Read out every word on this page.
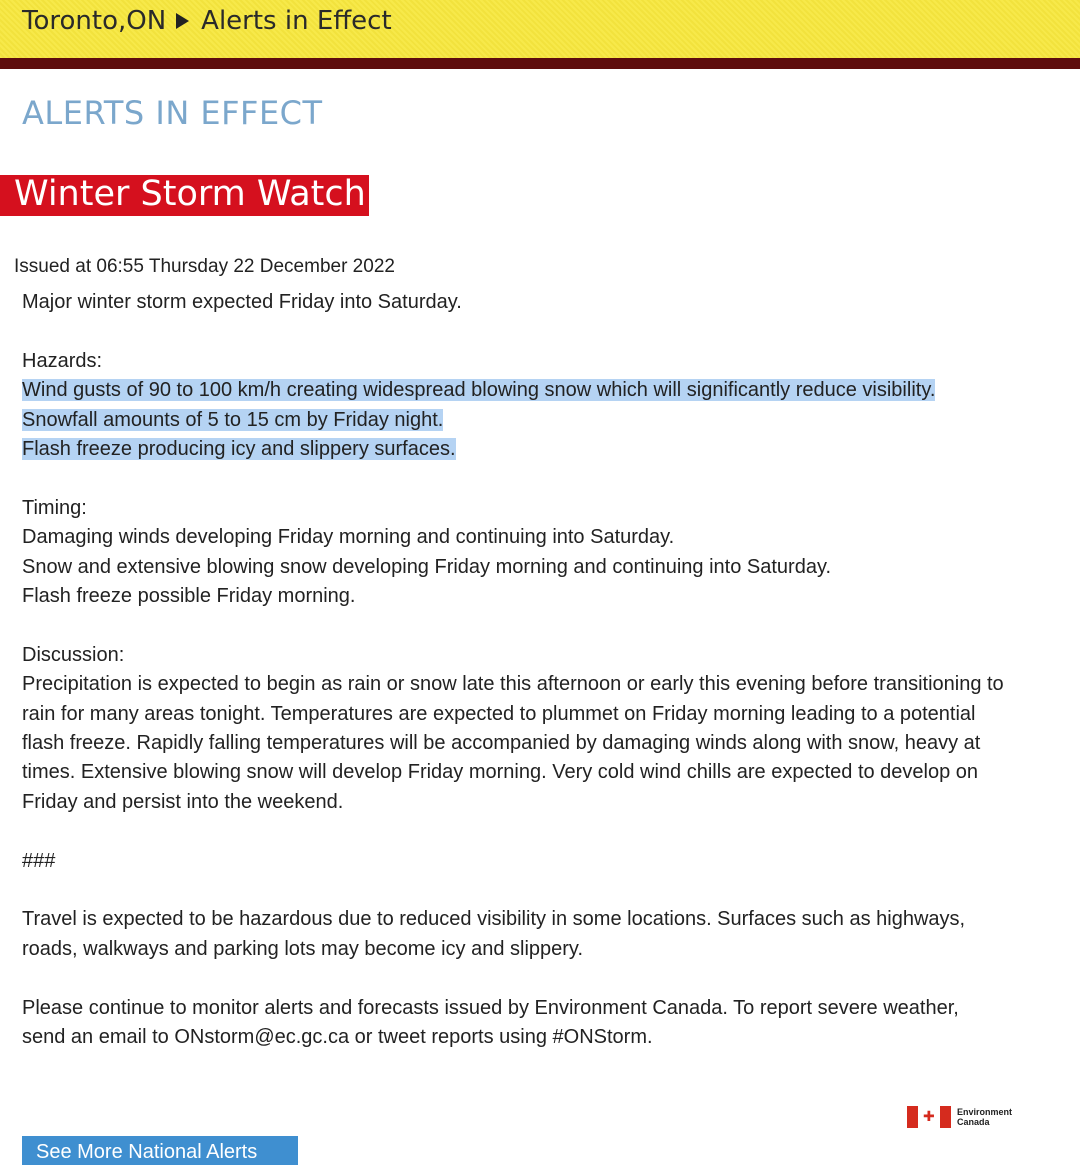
Toronto,ON Alerts in Effect
ALERTS IN EFFECT
Winter Storm Watch
Issued at 06:55 Thursday 22 December 2022
Major winter storm expected Friday into Saturday.
Hazards:
Wind gusts of 90 to 100 km/h creating widespread blowing snow which will significantly reduce visibility.
Snowfall amounts of 5 to 15 cm by Friday night.
Flash freeze producing icy and slippery surfaces.
Timing:
Damaging winds developing Friday morning and continuing into Saturday.
Snow and extensive blowing snow developing Friday morning and continuing into Saturday.
Flash freeze possible Friday morning.
Discussion:
Precipitation is expected to begin as rain or snow late this afternoon or early this evening before transitioning to
rain for many areas tonight. Temperatures are expected to plummet on Friday morning leading to a potential
flash freeze. Rapidly falling temperatures will be accompanied by damaging winds along with snow, heavy at
times. Extensive blowing snow will develop Friday morning. Very cold wind chills are expected to develop on
Friday and persist into the weekend.
###
Travel is expected to be hazardous due to reduced visibility in some locations. Surfaces such as highways,
roads, walkways and parking lots may become icy and slippery.
Please continue to monitor alerts and forecasts issued by Environment Canada. To report severe weather,
send an email to ONstorm@ec.gc.ca or tweet reports using #ONStorm.
✚ Environment
Canada
See More National Alerts
